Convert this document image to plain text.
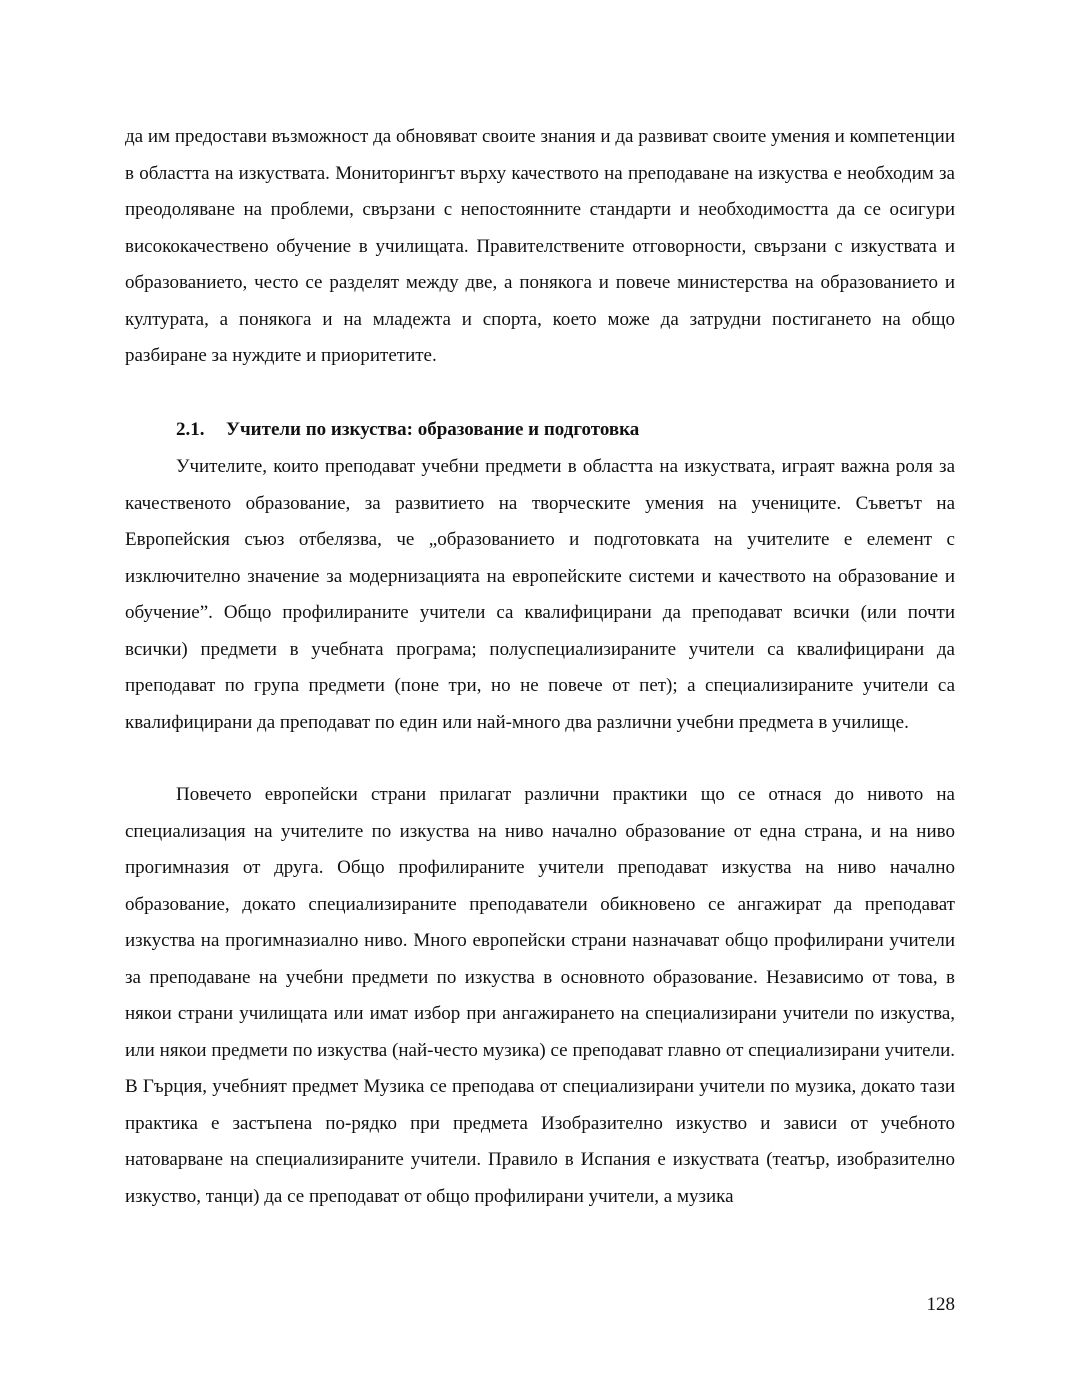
да им предостави възможност да обновяват своите знания и да развиват своите умения и компетенции в областта на изкуствата. Мониторингът върху качеството на преподаване на изкуства е необходим за преодоляване на проблеми, свързани с непостоянните стандарти и необходимостта да се осигури висококачествено обучение в училищата. Правителствените отговорности, свързани с изкуствата и образованието, често се разделят между две, а понякога и повече министерства на образованието и културата, а понякога и на младежта и спорта, което може да затрудни постигането на общо разбиране за нуждите и приоритетите.

2.1. Учители по изкуства: образование и подготовка

Учителите, които преподават учебни предмети в областта на изкуствата, играят важна роля за качественото образование, за развитието на творческите умения на учениците. Съветът на Европейския съюз отбелязва, че „образованието и подготовката на учителите е елемент с изключително значение за модернизацията на европейските системи и качеството на образование и обучение”. Общо профилираните учители са квалифицирани да преподават всички (или почти всички) предмети в учебната програма; полуспециализираните учители са квалифицирани да преподават по група предмети (поне три, но не повече от пет); а специализираните учители са квалифицирани да преподават по един или най-много два различни учебни предмета в училище.

Повечето европейски страни прилагат различни практики що се отнася до нивото на специализация на учителите по изкуства на ниво начално образование от една страна, и на ниво прогимназия от друга. Общо профилираните учители преподават изкуства на ниво начално образование, докато специализираните преподаватели обикновено се ангажират да преподават изкуства на прогимназиално ниво. Много европейски страни назначават общо профилирани учители за преподаване на учебни предмети по изкуства в основното образование. Независимо от това, в някои страни училищата или имат избор при ангажирането на специализирани учители по изкуства, или някои предмети по изкуства (най-често музика) се преподават главно от специализирани учители. В Гърция, учебният предмет Музика се преподава от специализирани учители по музика, докато тази практика е застъпена по-рядко при предмета Изобразително изкуство и зависи от учебното натоварване на специализираните учители. Правило в Испания е изкуствата (театър, изобразително изкуство, танци) да се преподават от общо профилирани учители, а музика

128
